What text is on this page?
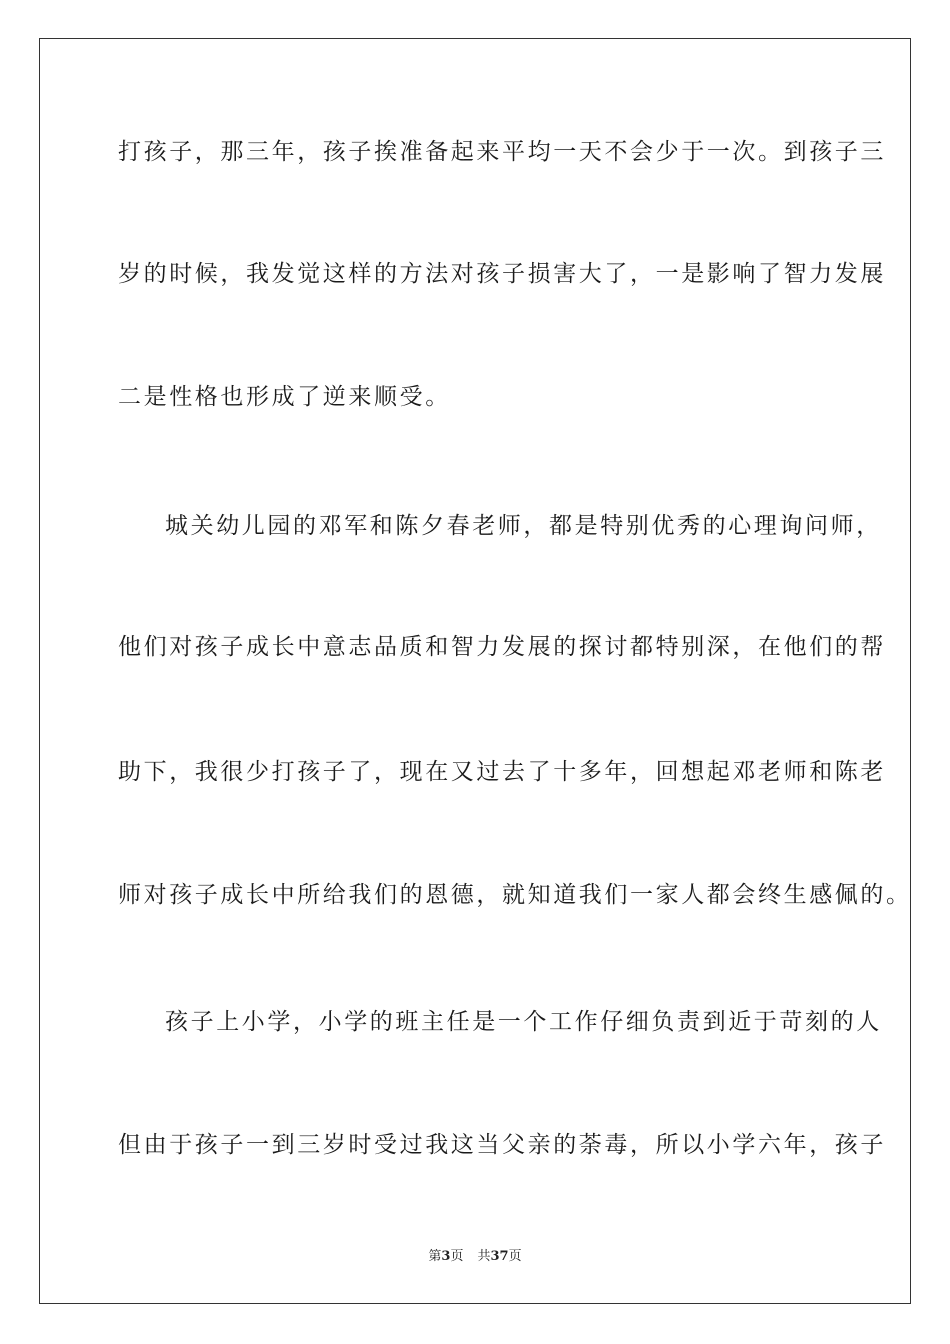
打孩子，那三年，孩子挨准备起来平均一天不会少于一次。到孩子三
岁的时候，我发觉这样的方法对孩子损害大了，一是影响了智力发展
二是性格也形成了逆来顺受。
城关幼儿园的邓军和陈夕春老师，都是特别优秀的心理询问师，
他们对孩子成长中意志品质和智力发展的探讨都特别深，在他们的帮
助下，我很少打孩子了，现在又过去了十多年，回想起邓老师和陈老
师对孩子成长中所给我们的恩德，就知道我们一家人都会终生感佩的。
孩子上小学，小学的班主任是一个工作仔细负责到近于苛刻的人
但由于孩子一到三岁时受过我这当父亲的荼毒，所以小学六年，孩子
第3页 共37页
